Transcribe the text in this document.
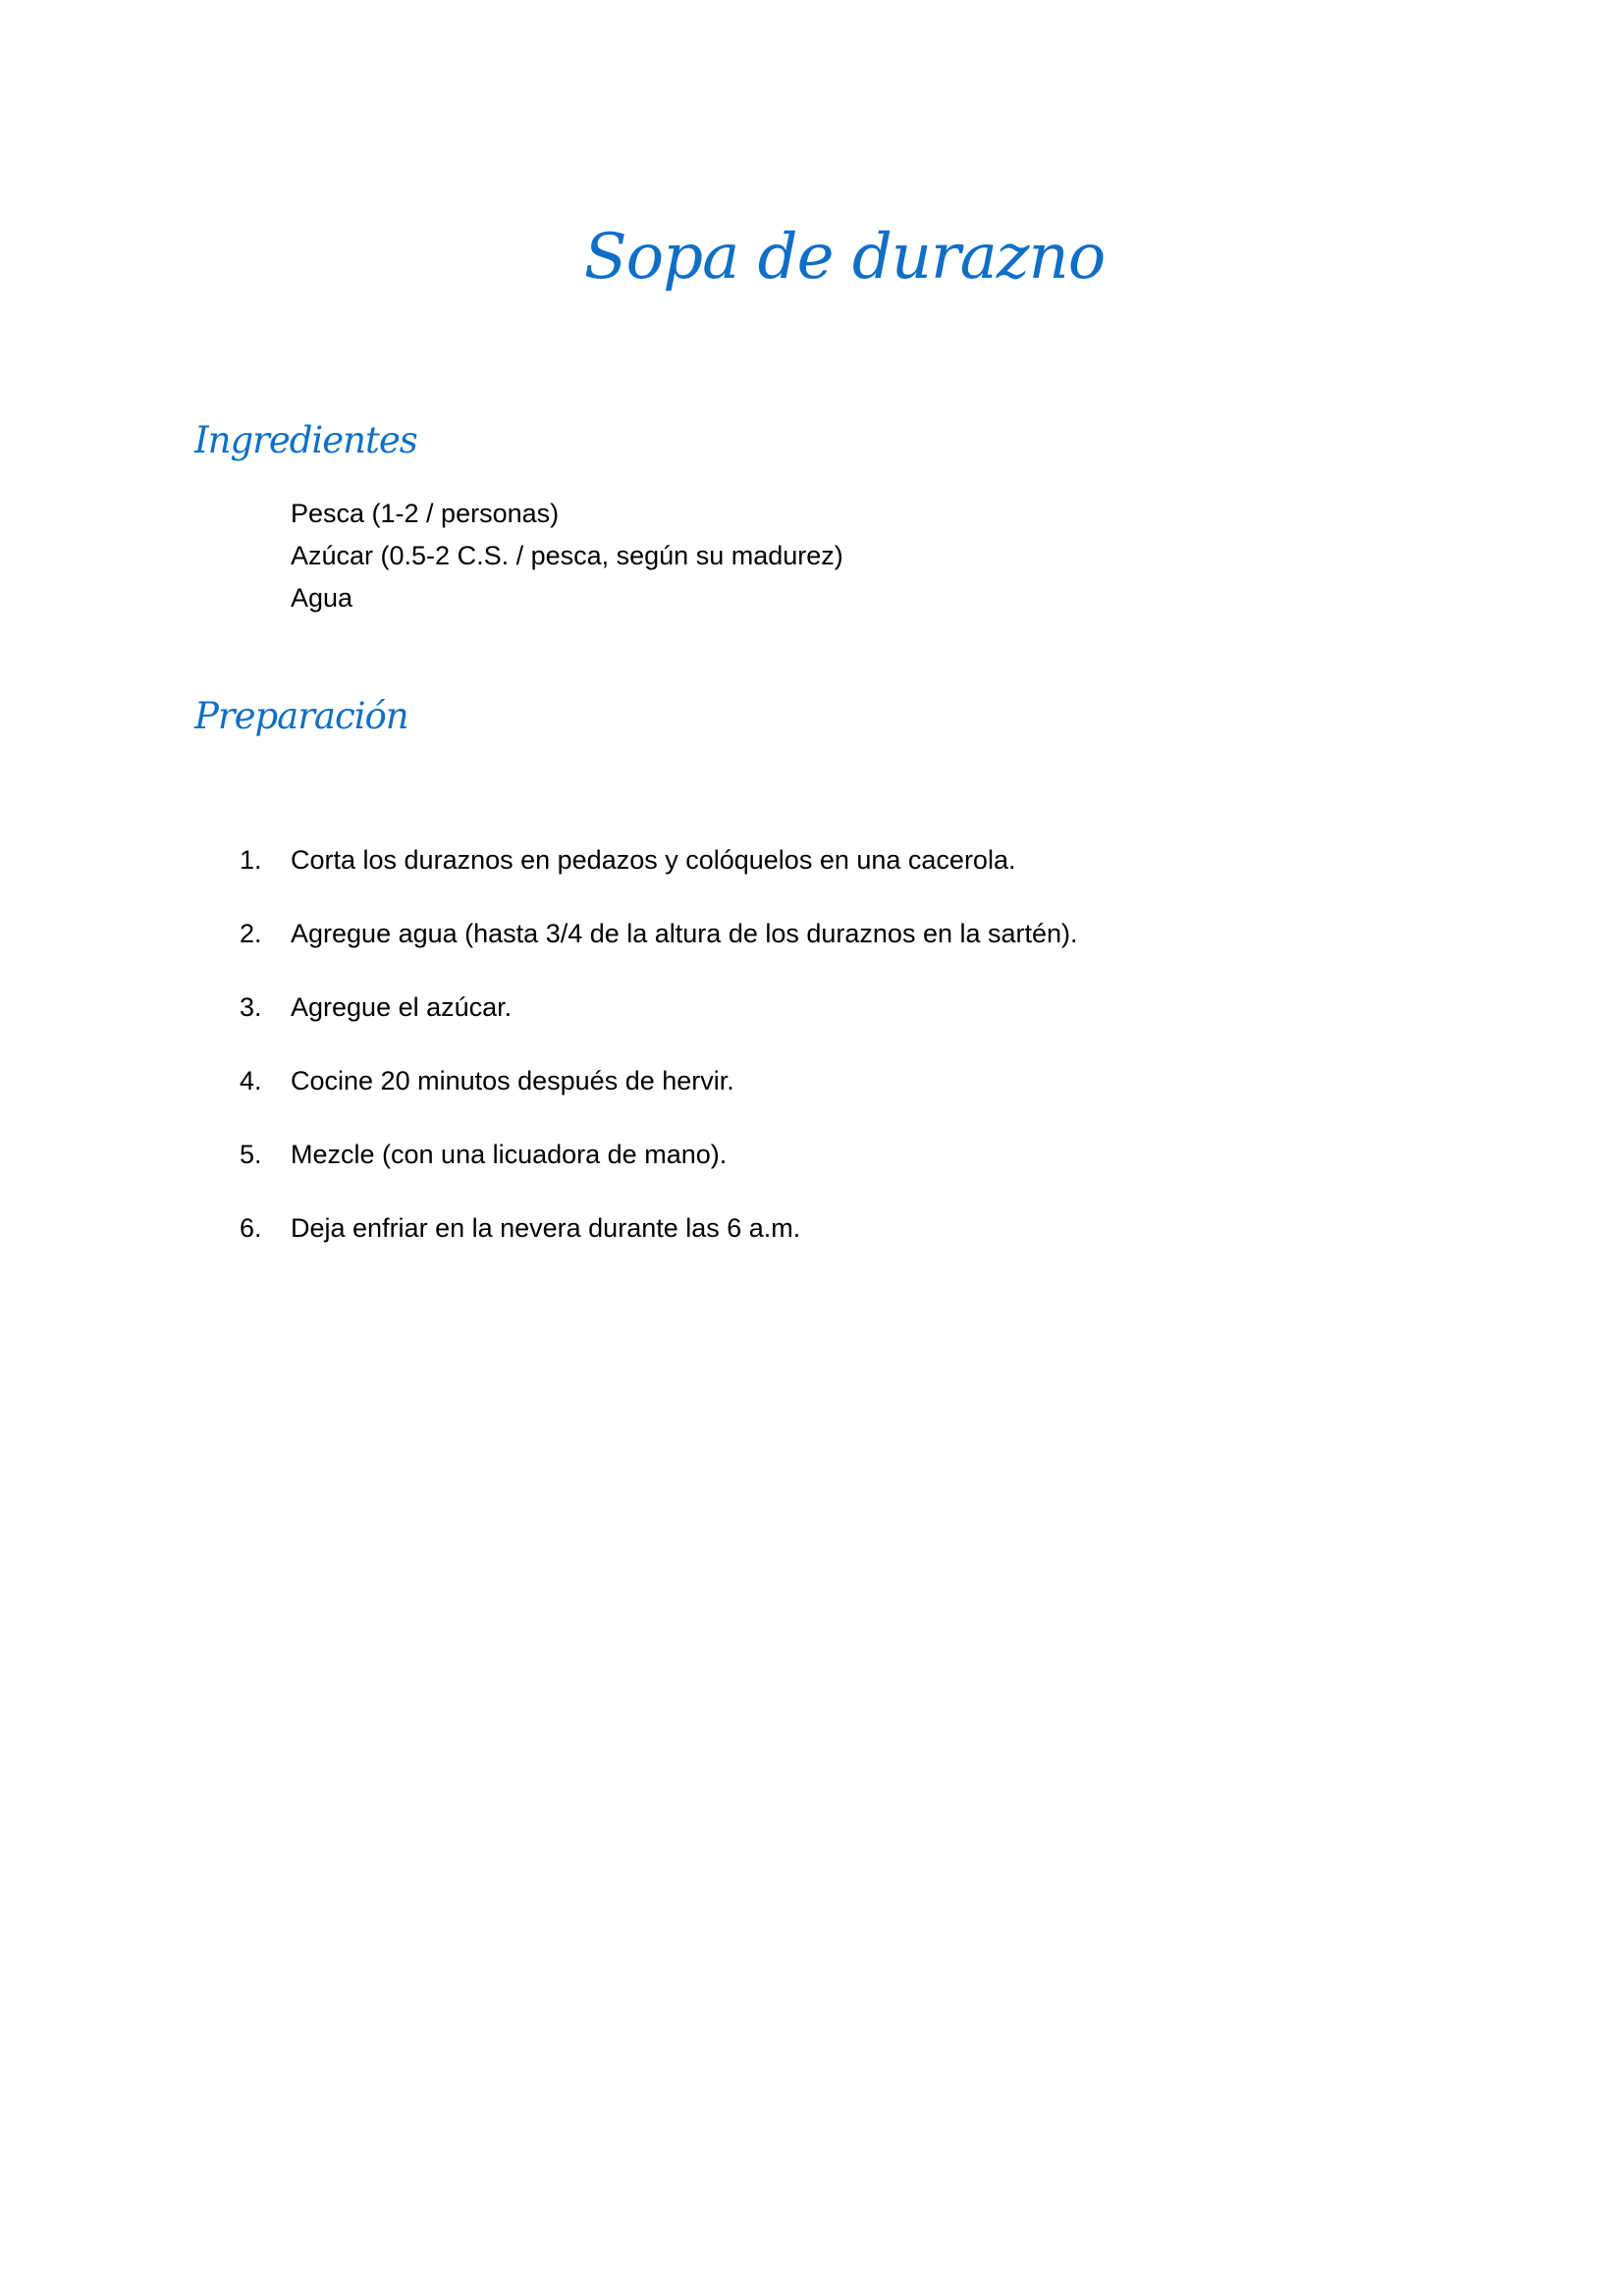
Sopa de durazno
Ingredientes
Pesca (1-2 / personas)
Azúcar (0.5-2 C.S. / pesca, según su madurez)
Agua
Preparación
1. Corta los duraznos en pedazos y colóquelos en una cacerola.
2. Agregue agua (hasta 3/4 de la altura de los duraznos en la sartén).
3. Agregue el azúcar.
4. Cocine 20 minutos después de hervir.
5. Mezcle (con una licuadora de mano).
6. Deja enfriar en la nevera durante las 6 a.m.
